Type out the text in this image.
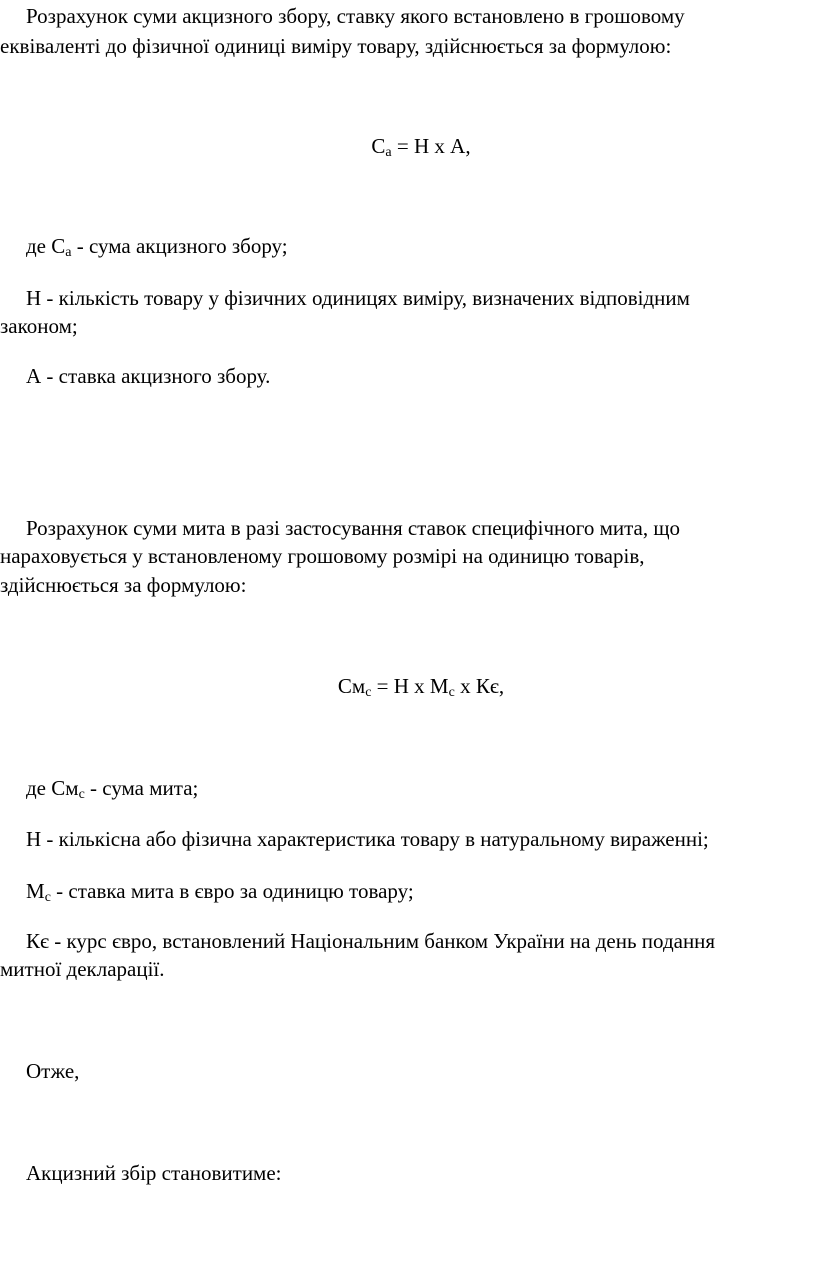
Розрахунок суми акцизного збору, ставку якого встановлено в грошовому

еквіваленті до фізичної одиниці виміру товару, здійснюється за формулою:

$С_а = Н$ х А,

де $С_а$ - сума акцизного збору;

Н - кількість товару у фізичних одиницях виміру, визначених відповідним

законом;

А - ставка акцизного збору.

Розрахунок суми мита в разі застосування ставок специфічного мита, що

нараховується у встановленому грошовому розмірі на одиницю товарів,

здійснюється за формулою:

$См_с = Н$ х $М_с$ х Кє,

де $См_с$ - сума мита;

Н - кількісна або фізична характеристика товару в натуральному вираженні;

$М_с$ - ставка мита в євро за одиницю товару;

Кє - курс євро, встановлений Національним банком України на день подання

митної декларації.

Отже,

Акцизний збір становитиме:
